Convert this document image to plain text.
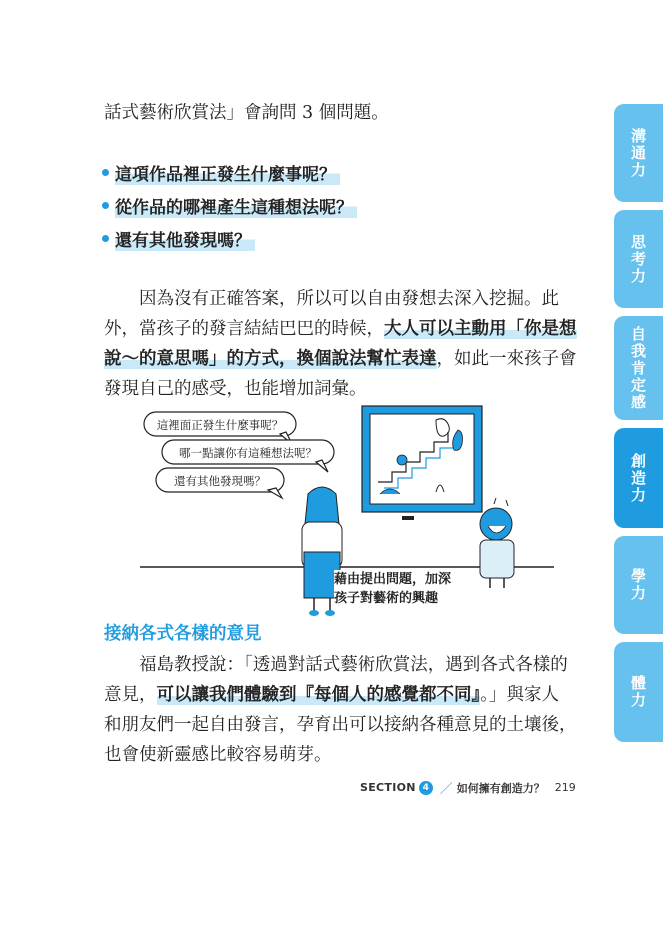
話式藝術欣賞法」會詢問 3 個問題。
這項作品裡正發生什麼事呢？
從作品的哪裡產生這種想法呢？
還有其他發現嗎？
　　因為沒有正確答案，所以可以自由發想去深入挖掘。此
外，當孩子的發言結結巴巴的時候，大人可以主動用「你是想
說～的意思嗎」的方式，換個說法幫忙表達，如此一來孩子會
發現自己的感受，也能增加詞彙。
這裡面正發生什麼事呢？
哪一點讓你有這種想法呢？
還有其他發現嗎？
藉由提出問題，加深
孩子對藝術的興趣
接納各式各樣的意見
　　福島教授說：「透過對話式藝術欣賞法，遇到各式各樣的
意見，可以讓我們體驗到『每個人的感覺都不同』。」與家人
和朋友們一起自由發言，孕育出可以接納各種意見的土壤後，
也會使新靈感比較容易萌芽。
溝
通
力
思
考
力
自
我
肯
定
感
創
造
力
學
力
體
力
SECTION 4 ／ 如何擁有創造力？ 219
